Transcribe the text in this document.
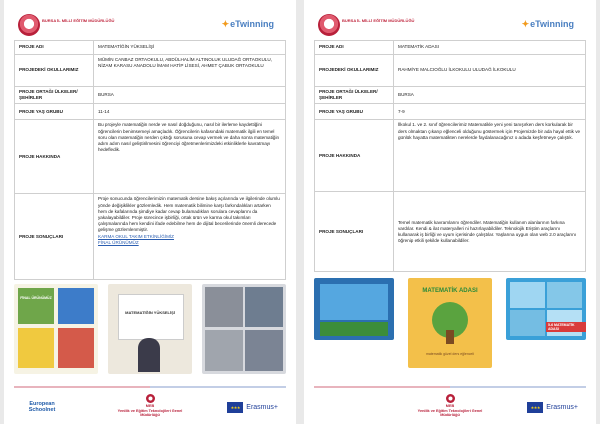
BURSA İL MİLLİ EĞİTİM MÜDÜRLÜĞÜ	✦eTwinning
PROJE ADI	MATEMATİĞİN YÜKSELİŞİ
PROJEDEKİ OKULLARIMIZ	MÜMİN CANBAZ ORTAOKULU, ABDÜLHALİM ALTINOLUK ULUDAĞ ORTAOKULU, NİZAM KARASU ANADOLU İMAM HATİP LİSESİ, AHMET ÇABUK ORTAOKULU
PROJE ORTAĞI ÜLKELER/ŞEHİRLER	BURSA
PROJE YAŞ GRUBU	11-14
PROJE HAKKINDA	Bu projeyle matematiğin nerde ve nasıl doğduğunu, nasıl bir ilerleme kaydettiğini öğrencilerin benimsemeyi amaçladık. Öğrencilerin kafasındaki matematik ilgili en temel soru olan matematiğin nerden çıktığı sorusuna cevap vermek ve daha sonra matematiğin adım adım nasıl geliştirilmesini öğrenciyi öğretmenlerimizdeki etkinliklerle kavratmayı hedefledik.
PROJE SONUÇLARI	Proje sonucunda öğrencilerimizin matematik dersine bakış açılarında ve ilgilerinde olumlu yönde değişiklikler gözlemledik. Hem matematik bilimine karşı farkındalıkları artarken hem de kafalarında şimdiye kadar cevap bulamadıkları sorulara cevaplarını da yakalayabildiler. Proje sürecince işbirliği, ortak ürün ve karma okul takımları çalışmalarında hem kendini ifade edebilme hem de dijital becerilerinde önemli derecede gelişme gözlemlenmiştir.
KARMA OKUL TAKIM ETKİNLİĞİMİZ
FİNAL ÜRÜNÜMÜZ
FİNAL ÜRÜNÜMÜZ
MATEMATİĞİN YÜKSELİŞİ
European Schoolnet
MEB
Yenilik ve Eğitim Teknolojileri Genel Müdürlüğü
★★★ Erasmus+
BURSA İL MİLLİ EĞİTİM MÜDÜRLÜĞÜ	✦eTwinning
PROJE ADI	MATEMATİK ADASI
PROJEDEKİ OKULLARIMIZ	RAHMİYE MALCIOĞLU İLKOKULU ULUDAĞ İLKOKULU
PROJE ORTAĞI ÜLKELER/ŞEHİRLER	BURSA
PROJE YAŞ GRUBU	7-9
PROJE HAKKINDA	İlkokul 1. ve 2. sınıf öğrencilerimiz Matematikle yeni yeni tanışırken ders korkularak bir ders olmaktan çıkarıp eğlenceli olduğunu göstermek için Projemizde bir ada hayal ettik ve günlük hayatta matematikten nerelerde faydalanacağınız o adada keşfetmeye çalıştık.
PROJE SONUÇLARI	Temel matematik kavramlarını öğrendiler. Matematiğin kullanım alanlarının farkına vardılar. Kendi & ilat materyalleri ni hazırlayabildiler. Teknolojik Eriştim araçlarını kullanarak iş birliği ve uyum içerisinde çalıştılar. Yaşlarına uygun olan web 2.0 araçlarını öğrenip etkili şekilde kullanabildiler.
MATEMATİK ADASI
matematik güzel ders eğlenceli
5-6 MATEMATİK ADASI
MEB
Yenilik ve Eğitim Teknolojileri Genel Müdürlüğü
★★★ Erasmus+
